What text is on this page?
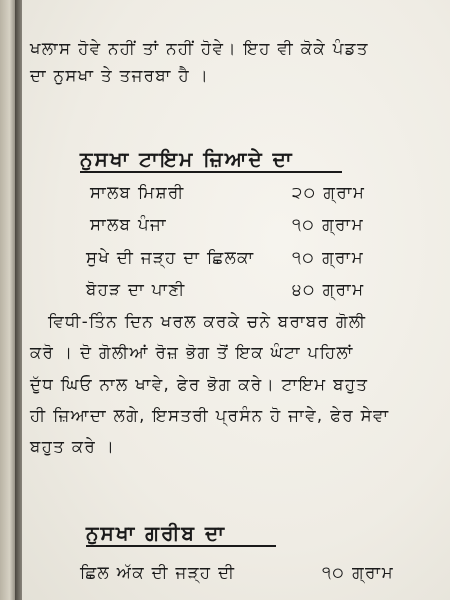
ਖਲਾਸ ਹੋਵੇ ਨਹੀਂ ਤਾਂ ਨਹੀਂ ਹੋਵੇ। ਇਹ ਵੀ ਕੋਕੇ ਪੰਡਤ
ਦਾ ਨੁਸਖਾ ਤੇ ਤਜਰਬਾ ਹੈ ।
ਨੁਸਖਾ ਟਾਇਮ ਜ਼ਿਆਦੇ ਦਾ
ਸਾਲਬ ਮਿਸ਼ਰੀ	੨੦ ਗ੍ਰਾਮ
ਸਾਲਬ ਪੰਜਾ	੧੦ ਗ੍ਰਾਮ
ਸੁਖੇ ਦੀ ਜੜ੍ਹ ਦਾ ਛਿਲਕਾ ੧੦ ਗ੍ਰਾਮ
ਬੋਹੜ ਦਾ ਪਾਣੀ	੪੦ ਗ੍ਰਾਮ
ਵਿਧੀ-ਤਿੰਨ ਦਿਨ ਖਰਲ ਕਰਕੇ ਚਨੇ ਬਰਾਬਰ ਗੋਲੀ
ਕਰੋ । ਦੋ ਗੋਲੀਆਂ ਰੋਜ਼ ਭੋਗ ਤੋਂ ਇਕ ਘੰਟਾ ਪਹਿਲਾਂ
ਦੁੱਧ ਘਿਓ ਨਾਲ ਖਾਵੇ, ਫੇਰ ਭੋਗ ਕਰੇ। ਟਾਇਮ ਬਹੁਤ
ਹੀ ਜ਼ਿਆਦਾ ਲਗੇ, ਇਸਤਰੀ ਪ੍ਰਸੰਨ ਹੋ ਜਾਵੇ, ਫੇਰ ਸੇਵਾ
ਬਹੁਤ ਕਰੇ ।
ਨੁਸਖਾ ਗਰੀਬ ਦਾ
ਛਿਲ ਅੱਕ ਦੀ ਜੜ੍ਹ ਦੀ	੧੦ ਗ੍ਰਾਮ
